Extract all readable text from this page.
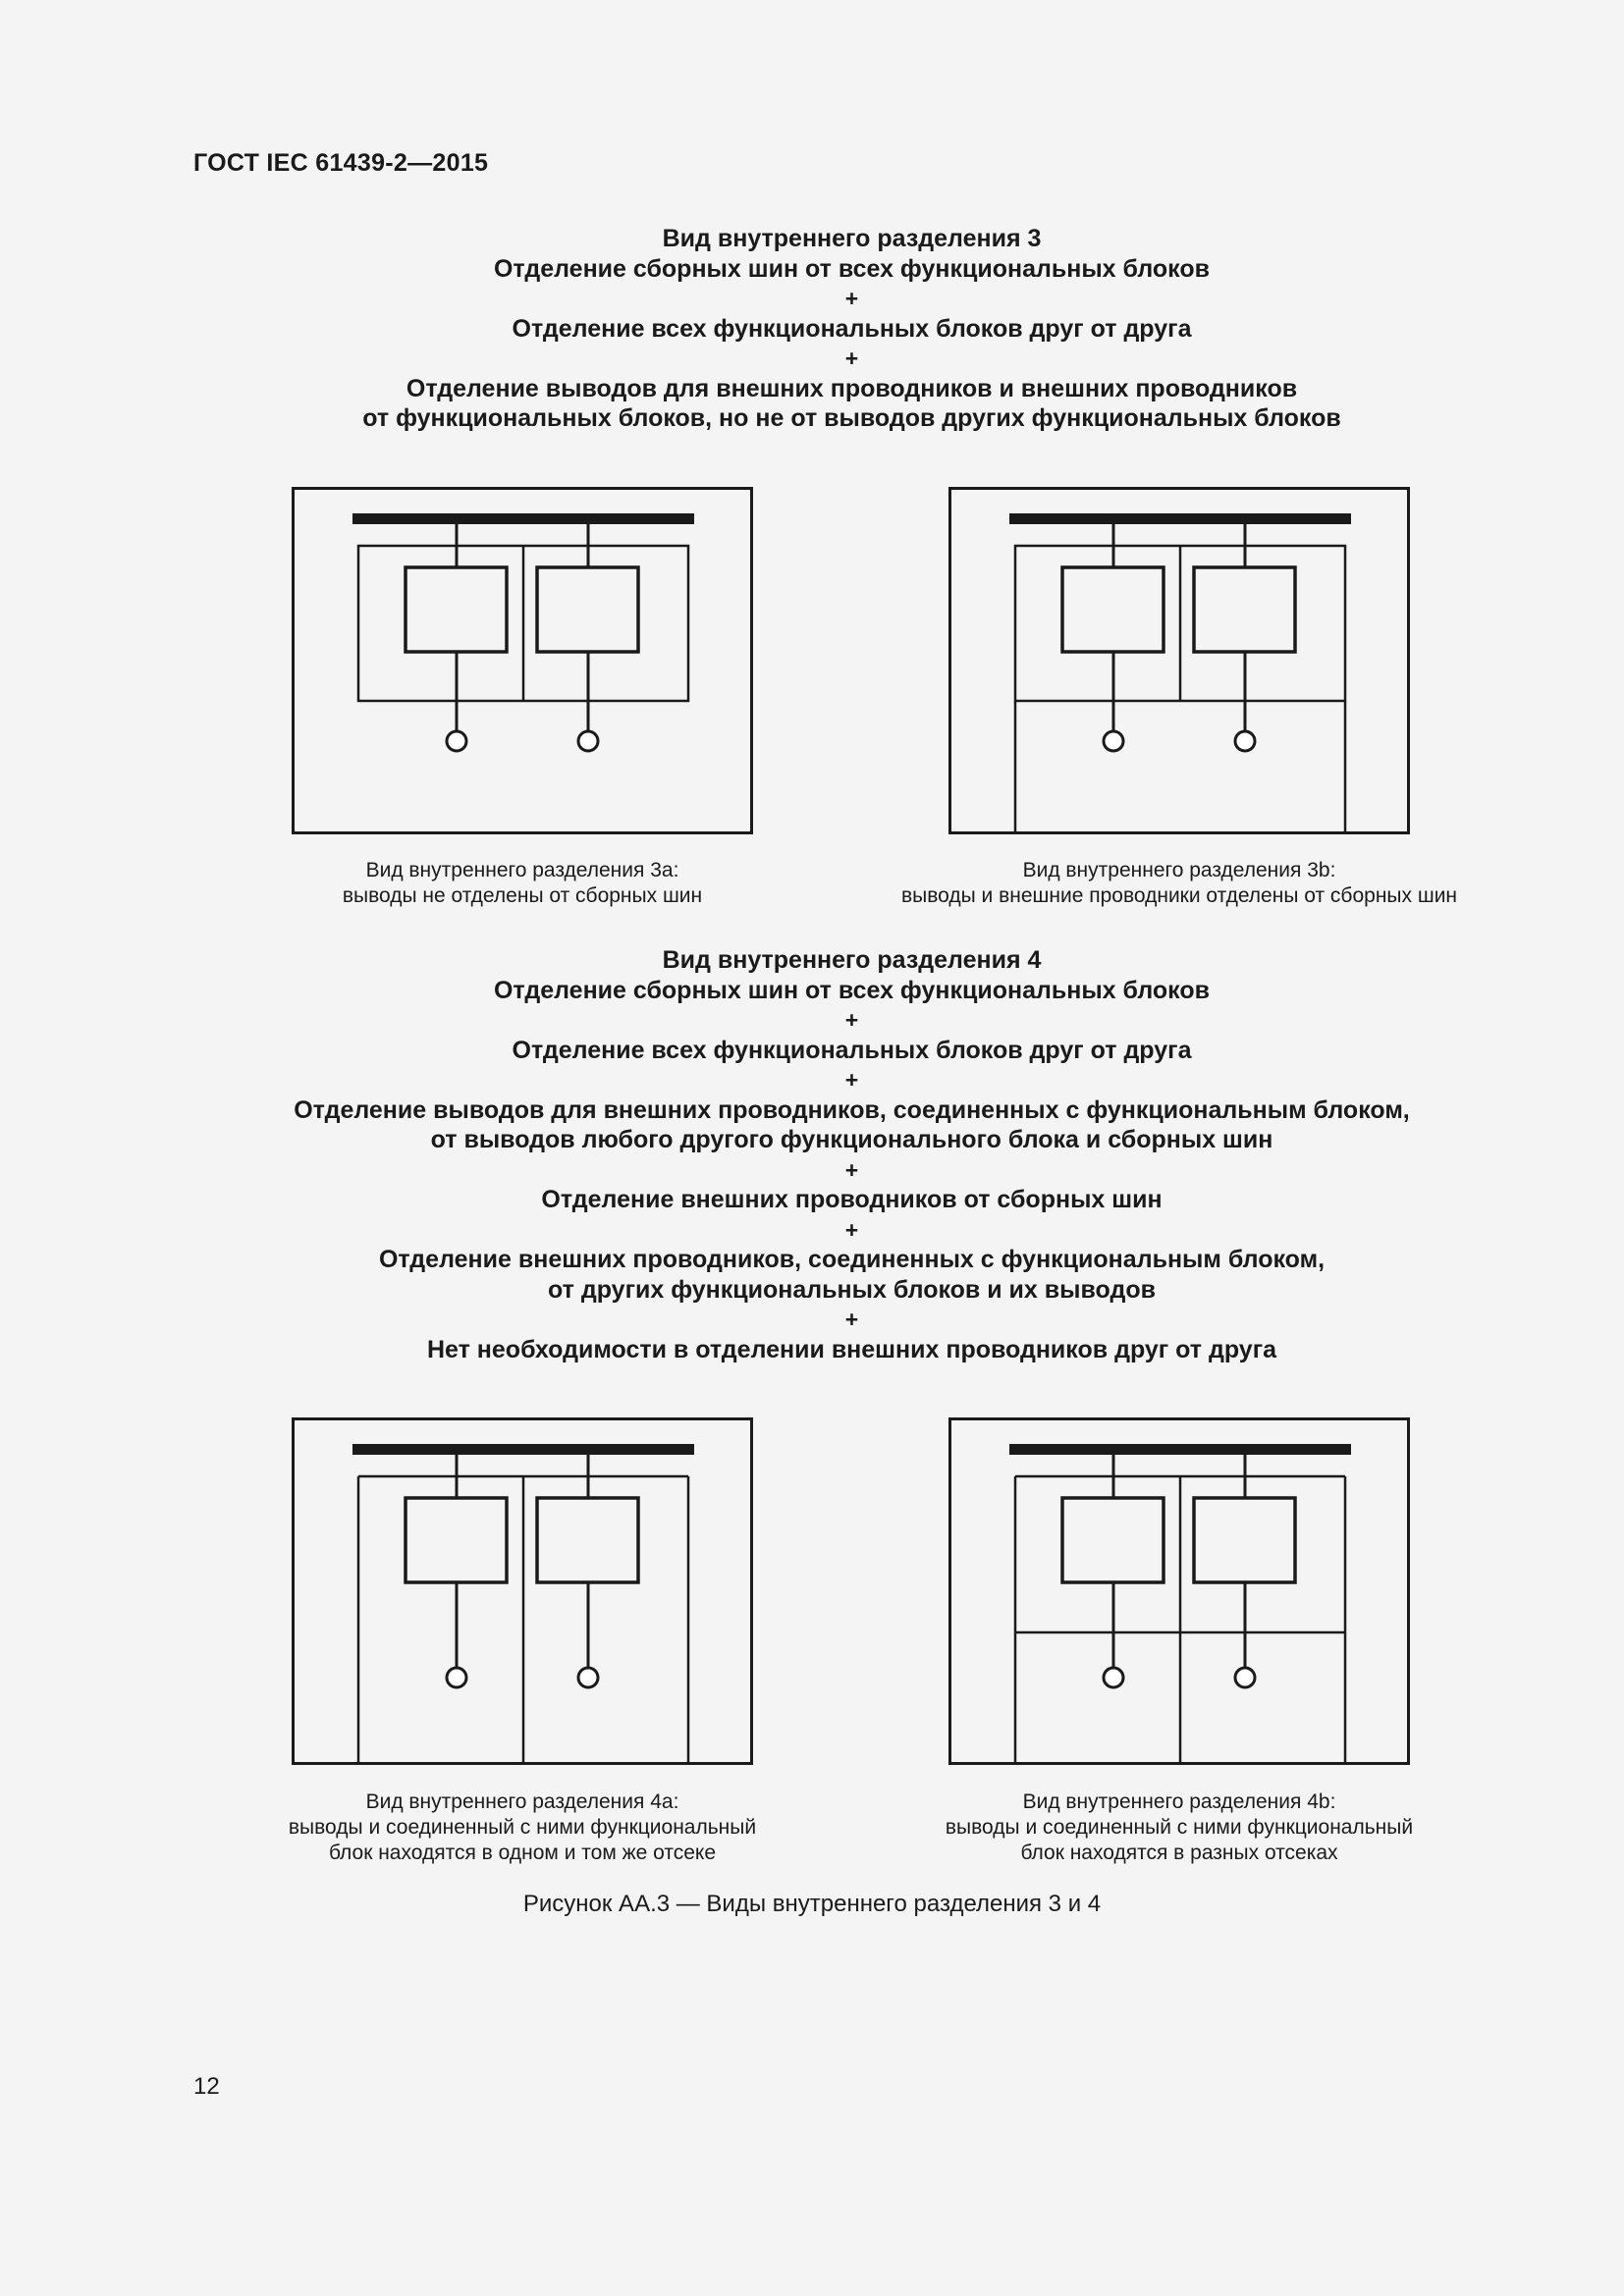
ГОСТ IEC 61439-2—2015
Вид внутреннего разделения 3
Отделение сборных шин от всех функциональных блоков
+
Отделение всех функциональных блоков друг от друга
+
Отделение выводов для внешних проводников и внешних проводников
от функциональных блоков, но не от выводов других функциональных блоков
Вид внутреннего разделения 3a:
выводы не отделены от сборных шин
Вид внутреннего разделения 3b:
выводы и внешние проводники отделены от сборных шин
Вид внутреннего разделения 4
Отделение сборных шин от всех функциональных блоков
+
Отделение всех функциональных блоков друг от друга
+
Отделение выводов для внешних проводников, соединенных с функциональным блоком,
от выводов любого другого функционального блока и сборных шин
+
Отделение внешних проводников от сборных шин
+
Отделение внешних проводников, соединенных с функциональным блоком,
от других функциональных блоков и их выводов
+
Нет необходимости в отделении внешних проводников друг от друга
Вид внутреннего разделения 4a:
выводы и соединенный с ними функциональный
блок находятся в одном и том же отсеке
Вид внутреннего разделения 4b:
выводы и соединенный с ними функциональный
блок находятся в разных отсеках
Рисунок АА.3 — Виды внутреннего разделения 3 и 4
12
